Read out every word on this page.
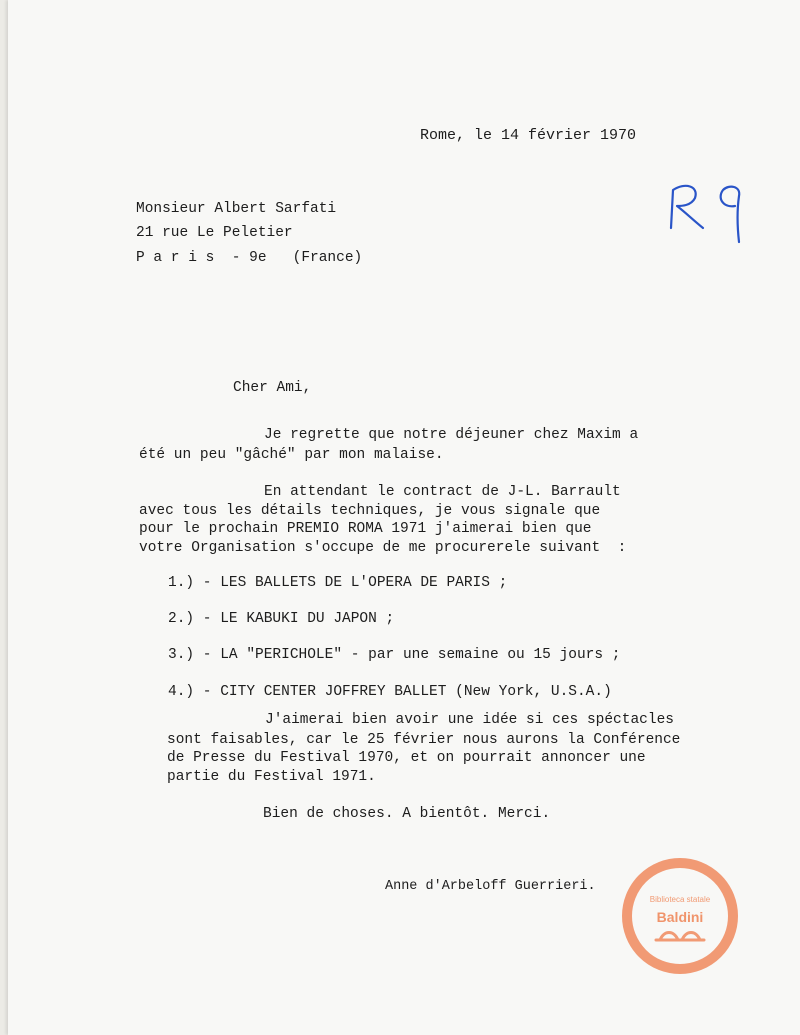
Rome, le 14 février 1970
Monsieur Albert Sarfati
21 rue Le Peletier
P a r i s  - 9e   (France)
Cher Ami,
Je regrette que notre déjeuner chez Maxim a
été un peu "gâché" par mon malaise.
En attendant le contract de J-L. Barrault
avec tous les détails techniques, je vous signale que
pour le prochain PREMIO ROMA 1971 j'aimerai bien que
votre Organisation s'occupe de me procurerele suivant  :
1.) - LES BALLETS DE L'OPERA DE PARIS ;
2.) - LE KABUKI DU JAPON ;
3.) - LA "PERICHOLE" - par une semaine ou 15 jours ;
4.) - CITY CENTER JOFFREY BALLET (New York, U.S.A.)
J'aimerai bien avoir une idée si ces spéctacles
sont faisables, car le 25 février nous aurons la Conférence
de Presse du Festival 1970, et on pourrait annoncer une
partie du Festival 1971.
Bien de choses. A bientôt. Merci.
Anne d'Arbeloff Guerrieri.
Biblioteca statale
Baldini
